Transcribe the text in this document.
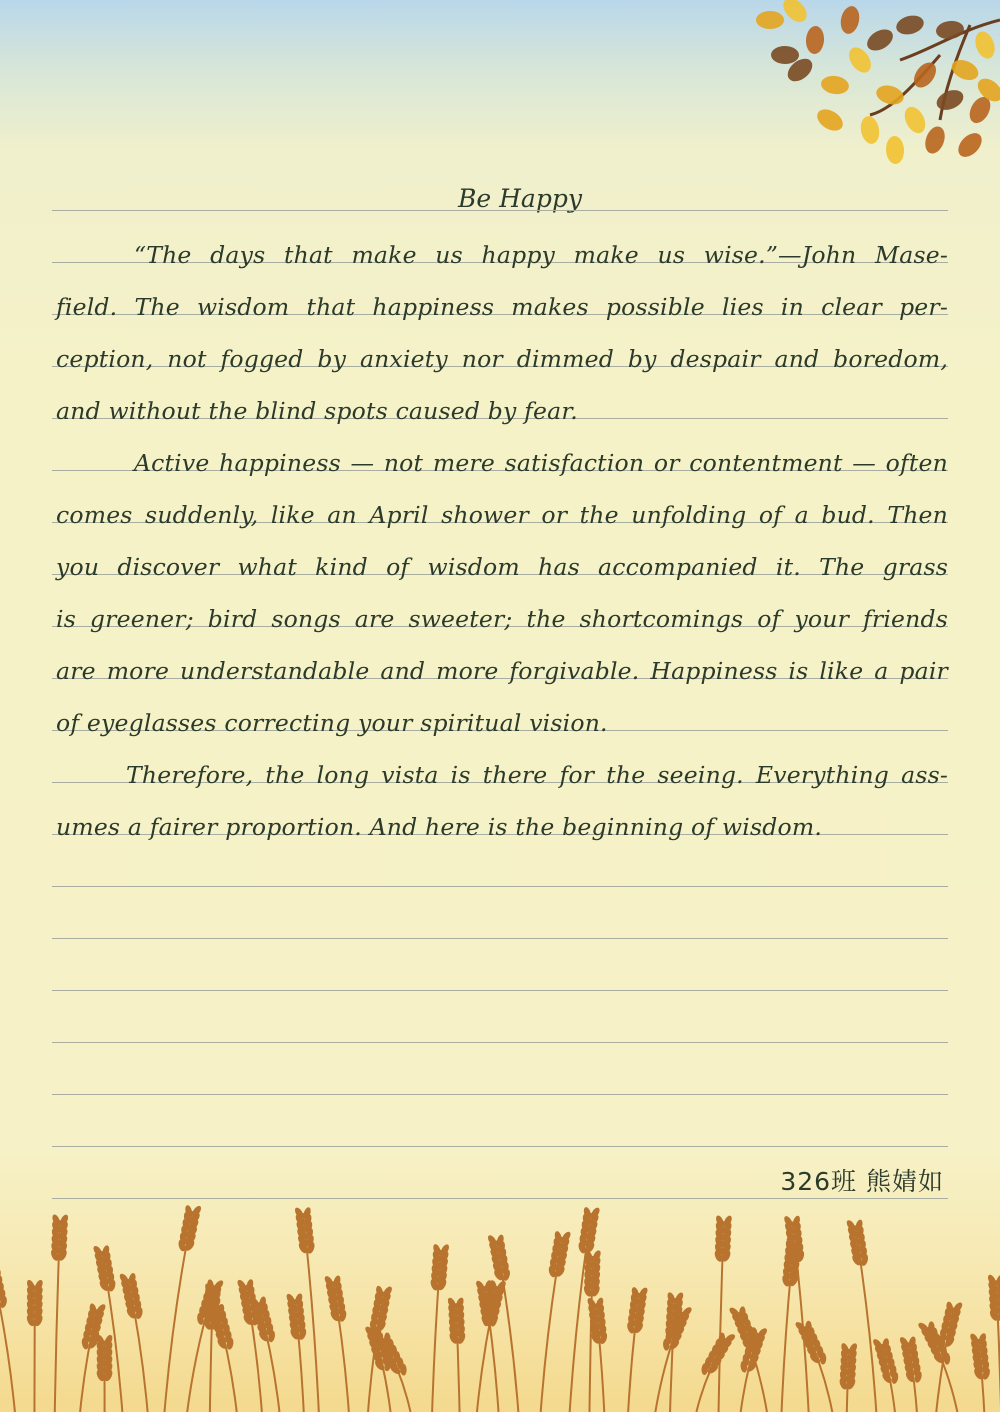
Be Happy
“The days that make us happy make us wise.”—John Mase-
field. The wisdom that happiness makes possible lies in clear per-
ception, not fogged by anxiety nor dimmed by despair and boredom,
and without the blind spots caused by fear.
Active happiness — not mere satisfaction or contentment — often
comes suddenly, like an April shower or the unfolding of a bud. Then
you discover what kind of wisdom has accompanied it. The grass
is greener; bird songs are sweeter; the shortcomings of your friends
are more understandable and more forgivable. Happiness is like a pair
of eyeglasses correcting your spiritual vision.
Therefore, the long vista is there for the seeing. Everything ass-
umes a fairer proportion. And here is the beginning of wisdom.
326班 熊婧如
